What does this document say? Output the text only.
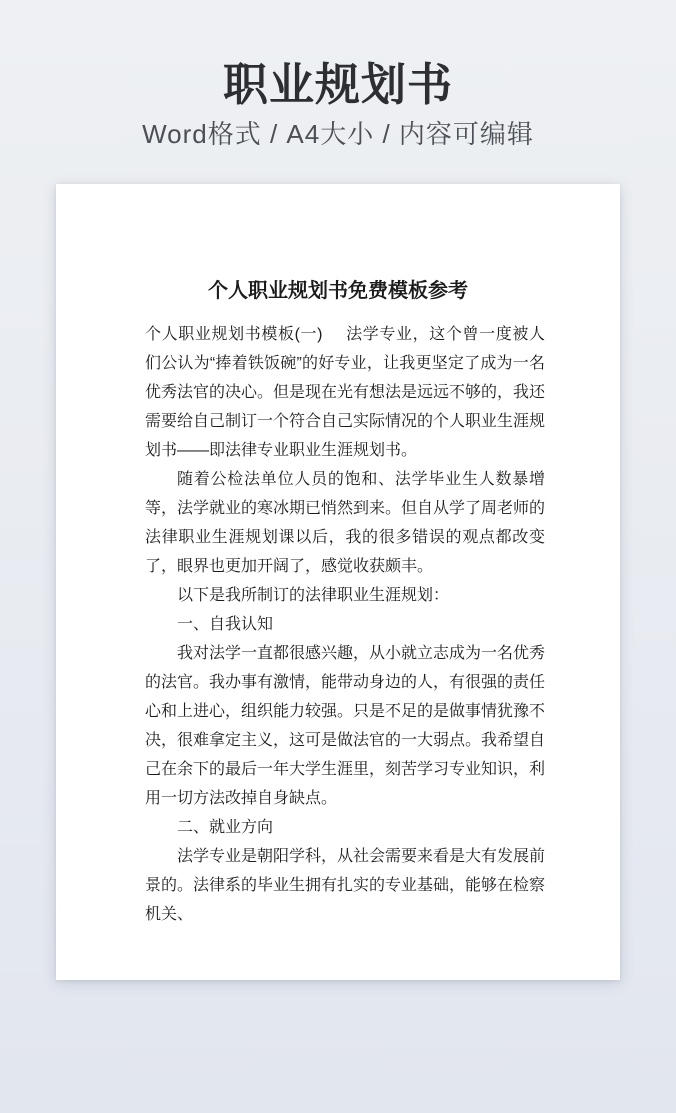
职业规划书
Word格式 / A4大小 / 内容可编辑
个人职业规划书免费模板参考

个人职业规划书模板(一) 法学专业，这个曾一度被人们公认为“捧着铁饭碗”的好专业，让我更坚定了成为一名优秀法官的决心。但是现在光有想法是远远不够的，我还需要给自己制订一个符合自己实际情况的个人职业生涯规划书——即法律专业职业生涯规划书。

随着公检法单位人员的饱和、法学毕业生人数暴增等，法学就业的寒冰期已悄然到来。但自从学了周老师的法律职业生涯规划课以后，我的很多错误的观点都改变了，眼界也更加开阔了，感觉收获颇丰。

以下是我所制订的法律职业生涯规划：

一、自我认知

我对法学一直都很感兴趣，从小就立志成为一名优秀的法官。我办事有激情，能带动身边的人，有很强的责任心和上进心，组织能力较强。只是不足的是做事情犹豫不决，很难拿定主义，这可是做法官的一大弱点。我希望自己在余下的最后一年大学生涯里，刻苦学习专业知识，利用一切方法改掉自身缺点。

二、就业方向

法学专业是朝阳学科，从社会需要来看是大有发展前景的。法律系的毕业生拥有扎实的专业基础，能够在检察机关、
